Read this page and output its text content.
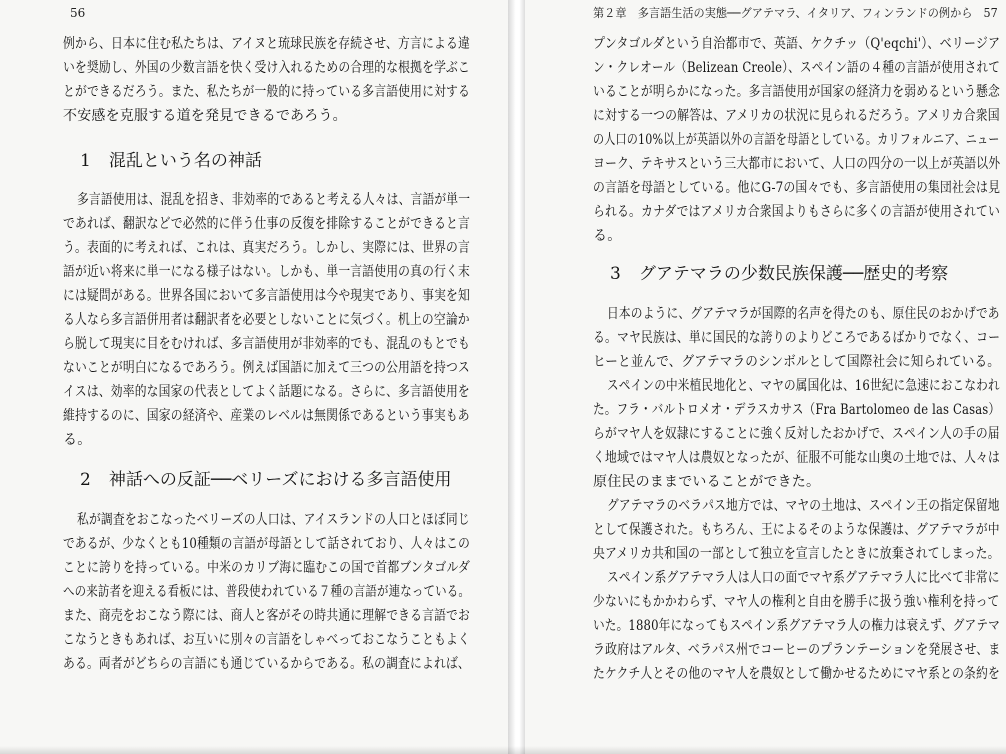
56
例から、日本に住む私たちは、アイヌと琉球民族を存続させ、方言による違
いを奨励し、外国の少数言語を快く受け入れるための合理的な根拠を学ぶこ
とができるだろう。また、私たちが一般的に持っている多言語使用に対する
不安感を克服する道を発見できるであろう。
1 混乱という名の神話
多言語使用は、混乱を招き、非効率的であると考える人々は、言語が単一
であれば、翻訳などで必然的に伴う仕事の反復を排除することができると言
う。表面的に考えれば、これは、真実だろう。しかし、実際には、世界の言
語が近い将来に単一になる様子はない。しかも、単一言語使用の真の行く末
には疑問がある。世界各国において多言語使用は今や現実であり、事実を知
る人なら多言語併用者は翻訳者を必要としないことに気づく。机上の空論か
ら脱して現実に目をむければ、多言語使用が非効率的でも、混乱のもとでも
ないことが明白になるであろう。例えば国語に加えて三つの公用語を持つス
イスは、効率的な国家の代表としてよく話題になる。さらに、多言語使用を
維持するのに、国家の経済や、産業のレベルは無関係であるという事実もあ
る。
2 神話への反証──ベリーズにおける多言語使用
私が調査をおこなったベリーズの人口は、アイスランドの人口とほぼ同じ
であるが、少なくとも10種類の言語が母語として話されており、人々はこの
ことに誇りを持っている。中米のカリブ海に臨むこの国で首都ブンタゴルダ
への来訪者を迎える看板には、普段使われている７種の言語が連なっている。
また、商売をおこなう際には、商人と客がその時共通に理解できる言語でお
こなうときもあれば、お互いに別々の言語をしゃべっておこなうこともよく
ある。両者がどちらの言語にも通じているからである。私の調査によれば、
第２章　多言語生活の実態──グアテマラ、イタリア、フィンランドの例から 57
プンタゴルダという自治都市で、英語、ケクチッ（Q'eqchi'）、ベリージア
ン・クレオール（Belizean Creole）、スペイン語の４種の言語が使用されて
いることが明らかになった。多言語使用が国家の経済力を弱めるという懸念
に対する一つの解答は、アメリカの状況に見られるだろう。アメリカ合衆国
の人口の10%以上が英語以外の言語を母語としている。カリフォルニア、ニュー
ヨーク、テキサスという三大都市において、人口の四分の一以上が英語以外
の言語を母語としている。他にG-7の国々でも、多言語使用の集団社会は見
られる。カナダではアメリカ合衆国よりもさらに多くの言語が使用されてい
る。
3 グアテマラの少数民族保護──歴史的考察
日本のように、グアテマラが国際的名声を得たのも、原住民のおかげであ
る。マヤ民族は、単に国民的な誇りのよりどころであるばかりでなく、コー
ヒーと並んで、グアテマラのシンボルとして国際社会に知られている。
スペインの中米植民地化と、マヤの属国化は、16世紀に急速におこなわれ
た。フラ・バルトロメオ・デラスカサス（Fra Bartolomeo de las Casas）
らがマヤ人を奴隷にすることに強く反対したおかげで、スペイン人の手の届
く地域ではマヤ人は農奴となったが、征服不可能な山奥の土地では、人々は
原住民のままでいることができた。
グアテマラのベラパス地方では、マヤの土地は、スペイン王の指定保留地
として保護された。もちろん、王によるそのような保護は、グアテマラが中
央アメリカ共和国の一部として独立を宣言したときに放棄されてしまった。
スペイン系グアテマラ人は人口の面でマヤ系グアテマラ人に比べて非常に
少ないにもかかわらず、マヤ人の権利と自由を勝手に扱う強い権利を持って
いた。1880年になってもスペイン系グアテマラ人の権力は衰えず、グアテマ
ラ政府はアルタ、ベラパス州でコーヒーのプランテーションを発展させ、ま
たケクチ人とその他のマヤ人を農奴として働かせるためにマヤ系との条約を
